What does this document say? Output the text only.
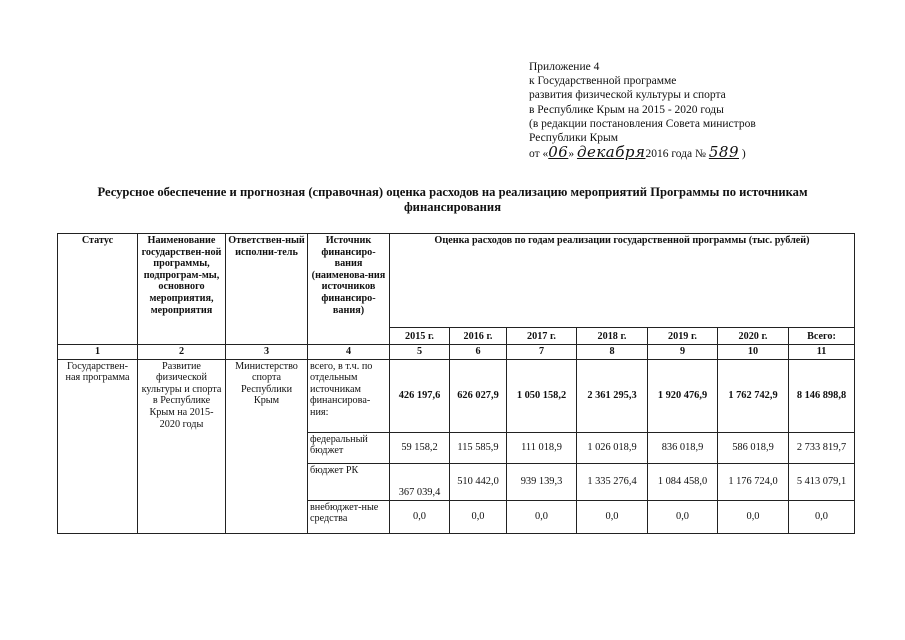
Приложение 4
к Государственной программе
развития физической культуры и спорта
в Республике Крым на 2015 - 2020 годы
(в редакции постановления Совета министров
Республики Крым
от «06» декабря2016 года № 589 )
Ресурсное обеспечение и прогнозная (справочная) оценка расходов на реализацию мероприятий Программы по источникам финансирования
Статус	Наименование государствен-ной программы, подпрограм-мы, основного мероприятия, мероприятия	Ответствен-ный исполни-тель	Источник финансиро-вания (наименова-ния источников финансиро-вания)	Оценка расходов по годам реализации государственной программы (тыс. рублей)						
				2015 г.	2016 г.	2017 г.	2018 г.	2019 г.	2020 г.	Всего:
1	2	3	4	5	6	7	8	9	10	11
Государствен-ная программа	Развитие физической культуры и спорта в Республике Крым на 2015-2020 годы	Министерство спорта Республики Крым	всего, в т.ч. по отдельным источникам финансирова-ния:	426 197,6	626 027,9	1 050 158,2	2 361 295,3	1 920 476,9	1 762 742,9	8 146 898,8
			федеральный бюджет	59 158,2	115 585,9	111 018,9	1 026 018,9	836 018,9	586 018,9	2 733 819,7
			бюджет РК	367 039,4	510 442,0	939 139,3	1 335 276,4	1 084 458,0	1 176 724,0	5 413 079,1
			внебюджет-ные средства	0,0	0,0	0,0	0,0	0,0	0,0	0,0
